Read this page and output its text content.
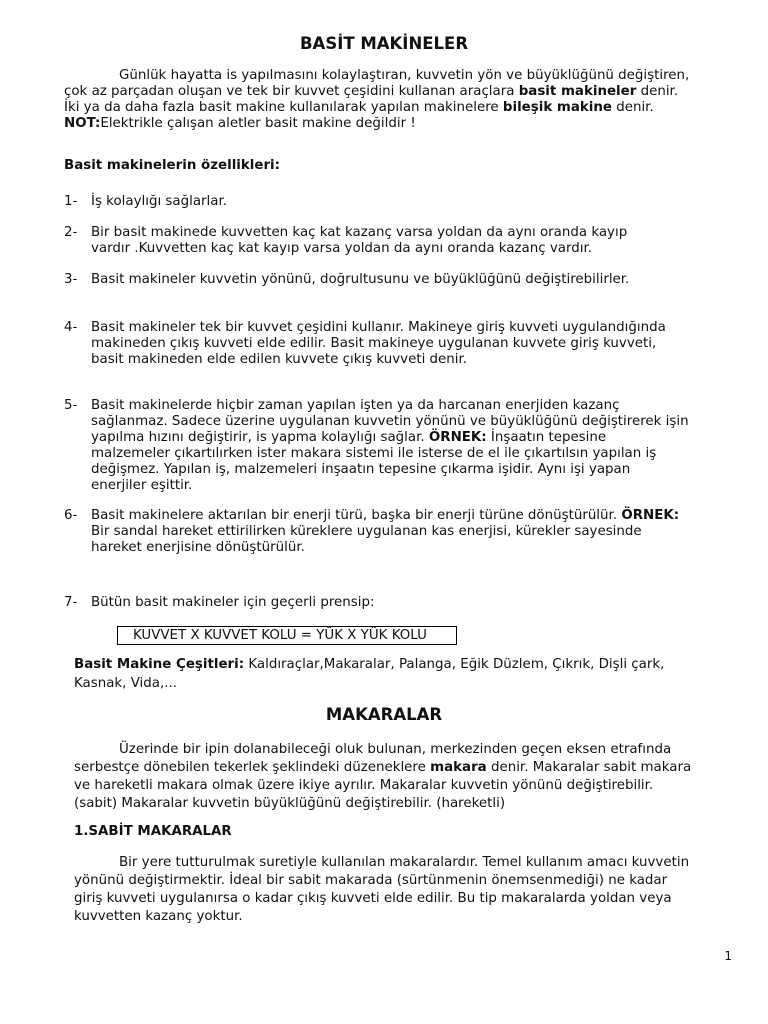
BASİT MAKİNELER
Günlük hayatta is yapılmasını kolaylaştıran, kuvvetin yön ve büyüklüğünü değiştiren,
çok az parçadan oluşan ve tek bir kuvvet çeşidini kullanan araçlara basit makineler denir.
İki ya da daha fazla basit makine kullanılarak yapılan makinelere bileşik makine denir.
NOT:Elektrikle çalışan aletler basit makine değildir !
Basit makinelerin özellikleri:
1- İş kolaylığı sağlarlar.
2- Bir basit makinede kuvvetten kaç kat kazanç varsa yoldan da aynı oranda kayıp
vardır .Kuvvetten kaç kat kayıp varsa yoldan da aynı oranda kazanç vardır.
3- Basit makineler kuvvetin yönünü, doğrultusunu ve büyüklüğünü değiştirebilirler.
4- Basit makineler tek bir kuvvet çeşidini kullanır. Makineye giriş kuvveti uygulandığında
makineden çıkış kuvveti elde edilir. Basit makineye uygulanan kuvvete giriş kuvveti,
basit makineden elde edilen kuvvete çıkış kuvveti denir.
5- Basit makinelerde hiçbir zaman yapılan işten ya da harcanan enerjiden kazanç
sağlanmaz. Sadece üzerine uygulanan kuvvetin yönünü ve büyüklüğünü değiştirerek işin
yapılma hızını değiştirir, is yapma kolaylığı sağlar. ÖRNEK: İnşaatın tepesine
malzemeler çıkartılırken ister makara sistemi ile isterse de el ile çıkartılsın yapılan iş
değişmez. Yapılan iş, malzemeleri inşaatın tepesine çıkarma işidir. Aynı işi yapan
enerjiler eşittir.
6- Basit makinelere aktarılan bir enerji türü, başka bir enerji türüne dönüştürülür. ÖRNEK:
Bir sandal hareket ettirilirken küreklere uygulanan kas enerjisi, kürekler sayesinde
hareket enerjisine dönüştürülür.
7- Bütün basit makineler için geçerli prensip:
KUVVET X KUVVET KOLU = YÜK X YÜK KOLU
Basit Makine Çeşitleri: Kaldıraçlar,Makaralar, Palanga, Eğik Düzlem, Çıkrık, Dişli çark,
Kasnak, Vida,...
MAKARALAR
Üzerinde bir ipin dolanabileceği oluk bulunan, merkezinden geçen eksen etrafında
serbestçe dönebilen tekerlek şeklindeki düzeneklere makara denir. Makaralar sabit makara
ve hareketli makara olmak üzere ikiye ayrılır. Makaralar kuvvetin yönünü değiştirebilir.
(sabit) Makaralar kuvvetin büyüklüğünü değiştirebilir. (hareketli)
1.SABİT MAKARALAR
Bir yere tutturulmak suretiyle kullanılan makaralardır. Temel kullanım amacı kuvvetin
yönünü değiştirmektir. İdeal bir sabit makarada (sürtünmenin önemsenmediği) ne kadar
giriş kuvveti uygulanırsa o kadar çıkış kuvveti elde edilir. Bu tip makaralarda yoldan veya
kuvvetten kazanç yoktur.
1
